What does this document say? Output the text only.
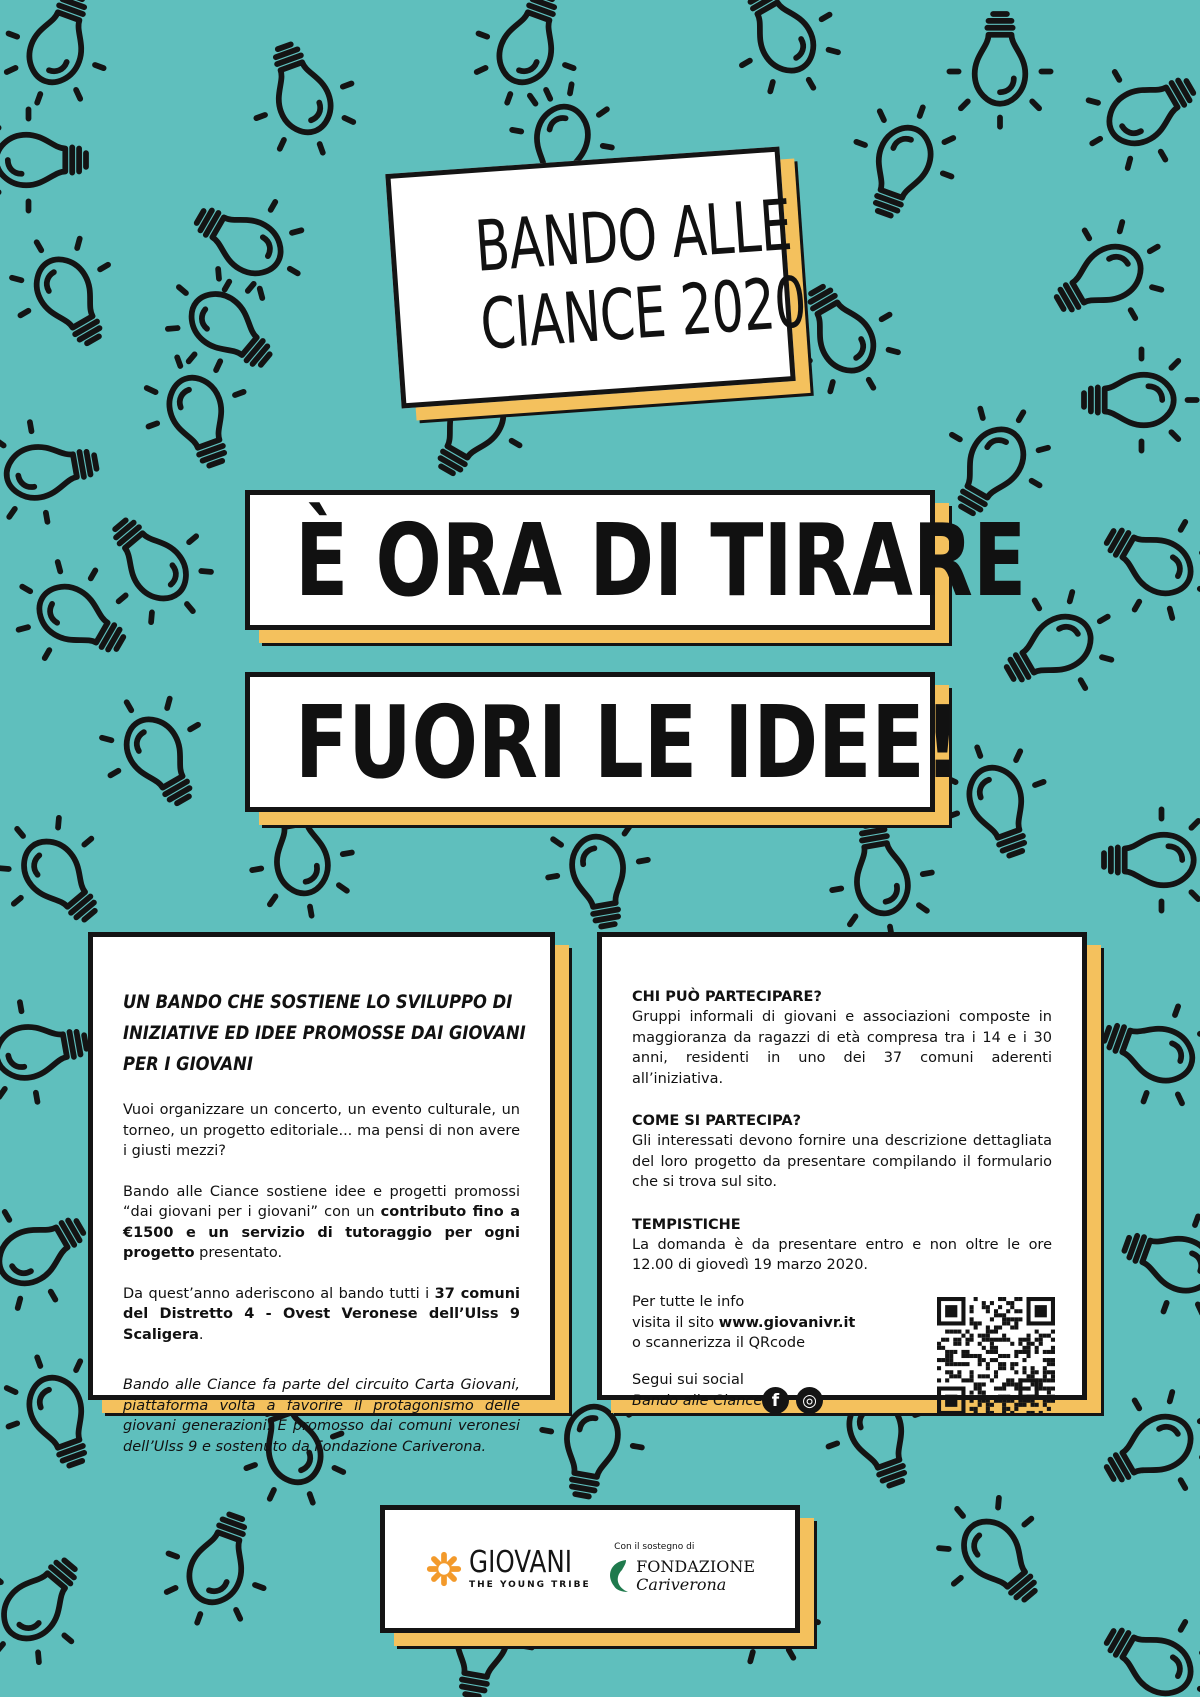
BANDO ALLE
CIANCE 2020
È ORA DI TIRARE
FUORI LE IDEE!
UN BANDO CHE SOSTIENE LO SVILUPPO DI INIZIATIVE ED IDEE PROMOSSE DAI GIOVANI PER I GIOVANI

Vuoi organizzare un concerto, un evento culturale, un torneo, un progetto editoriale... ma pensi di non avere i giusti mezzi?

Bando alle Ciance sostiene idee e progetti promossi “dai giovani per i giovani” con un contributo fino a €1500 e un servizio di tutoraggio per ogni progetto presentato.

Da quest’anno aderiscono al bando tutti i 37 comuni del Distretto 4 - Ovest Veronese dell’Ulss 9 Scaligera.

Bando alle Ciance fa parte del circuito Carta Giovani, piattaforma volta a favorire il protagonismo delle giovani generazioni. È promosso dai comuni veronesi dell’Ulss 9 e sostenuto da Fondazione Cariverona.

CHI PUÒ PARTECIPARE?
Gruppi informali di giovani e associazioni composte in maggioranza da ragazzi di età compresa tra i 14 e i 30 anni, residenti in uno dei 37 comuni aderenti all’iniziativa.
COME SI PARTECIPA?
Gli interessati devono fornire una descrizione dettagliata del loro progetto da presentare compilando il formulario che si trova sul sito.
TEMPISTICHE
La domanda è da presentare entro e non oltre le ore 12.00 di giovedì 19 marzo 2020.
Per tutte le info
visita il sito www.giovanivr.it
o scannerizza il QRcode
Segui sui social
Bando alle Ciance f	◎
GIOVANI
THE YOUNG TRIBE
Con il sostegno di
FONDAZIONE
Cariverona
